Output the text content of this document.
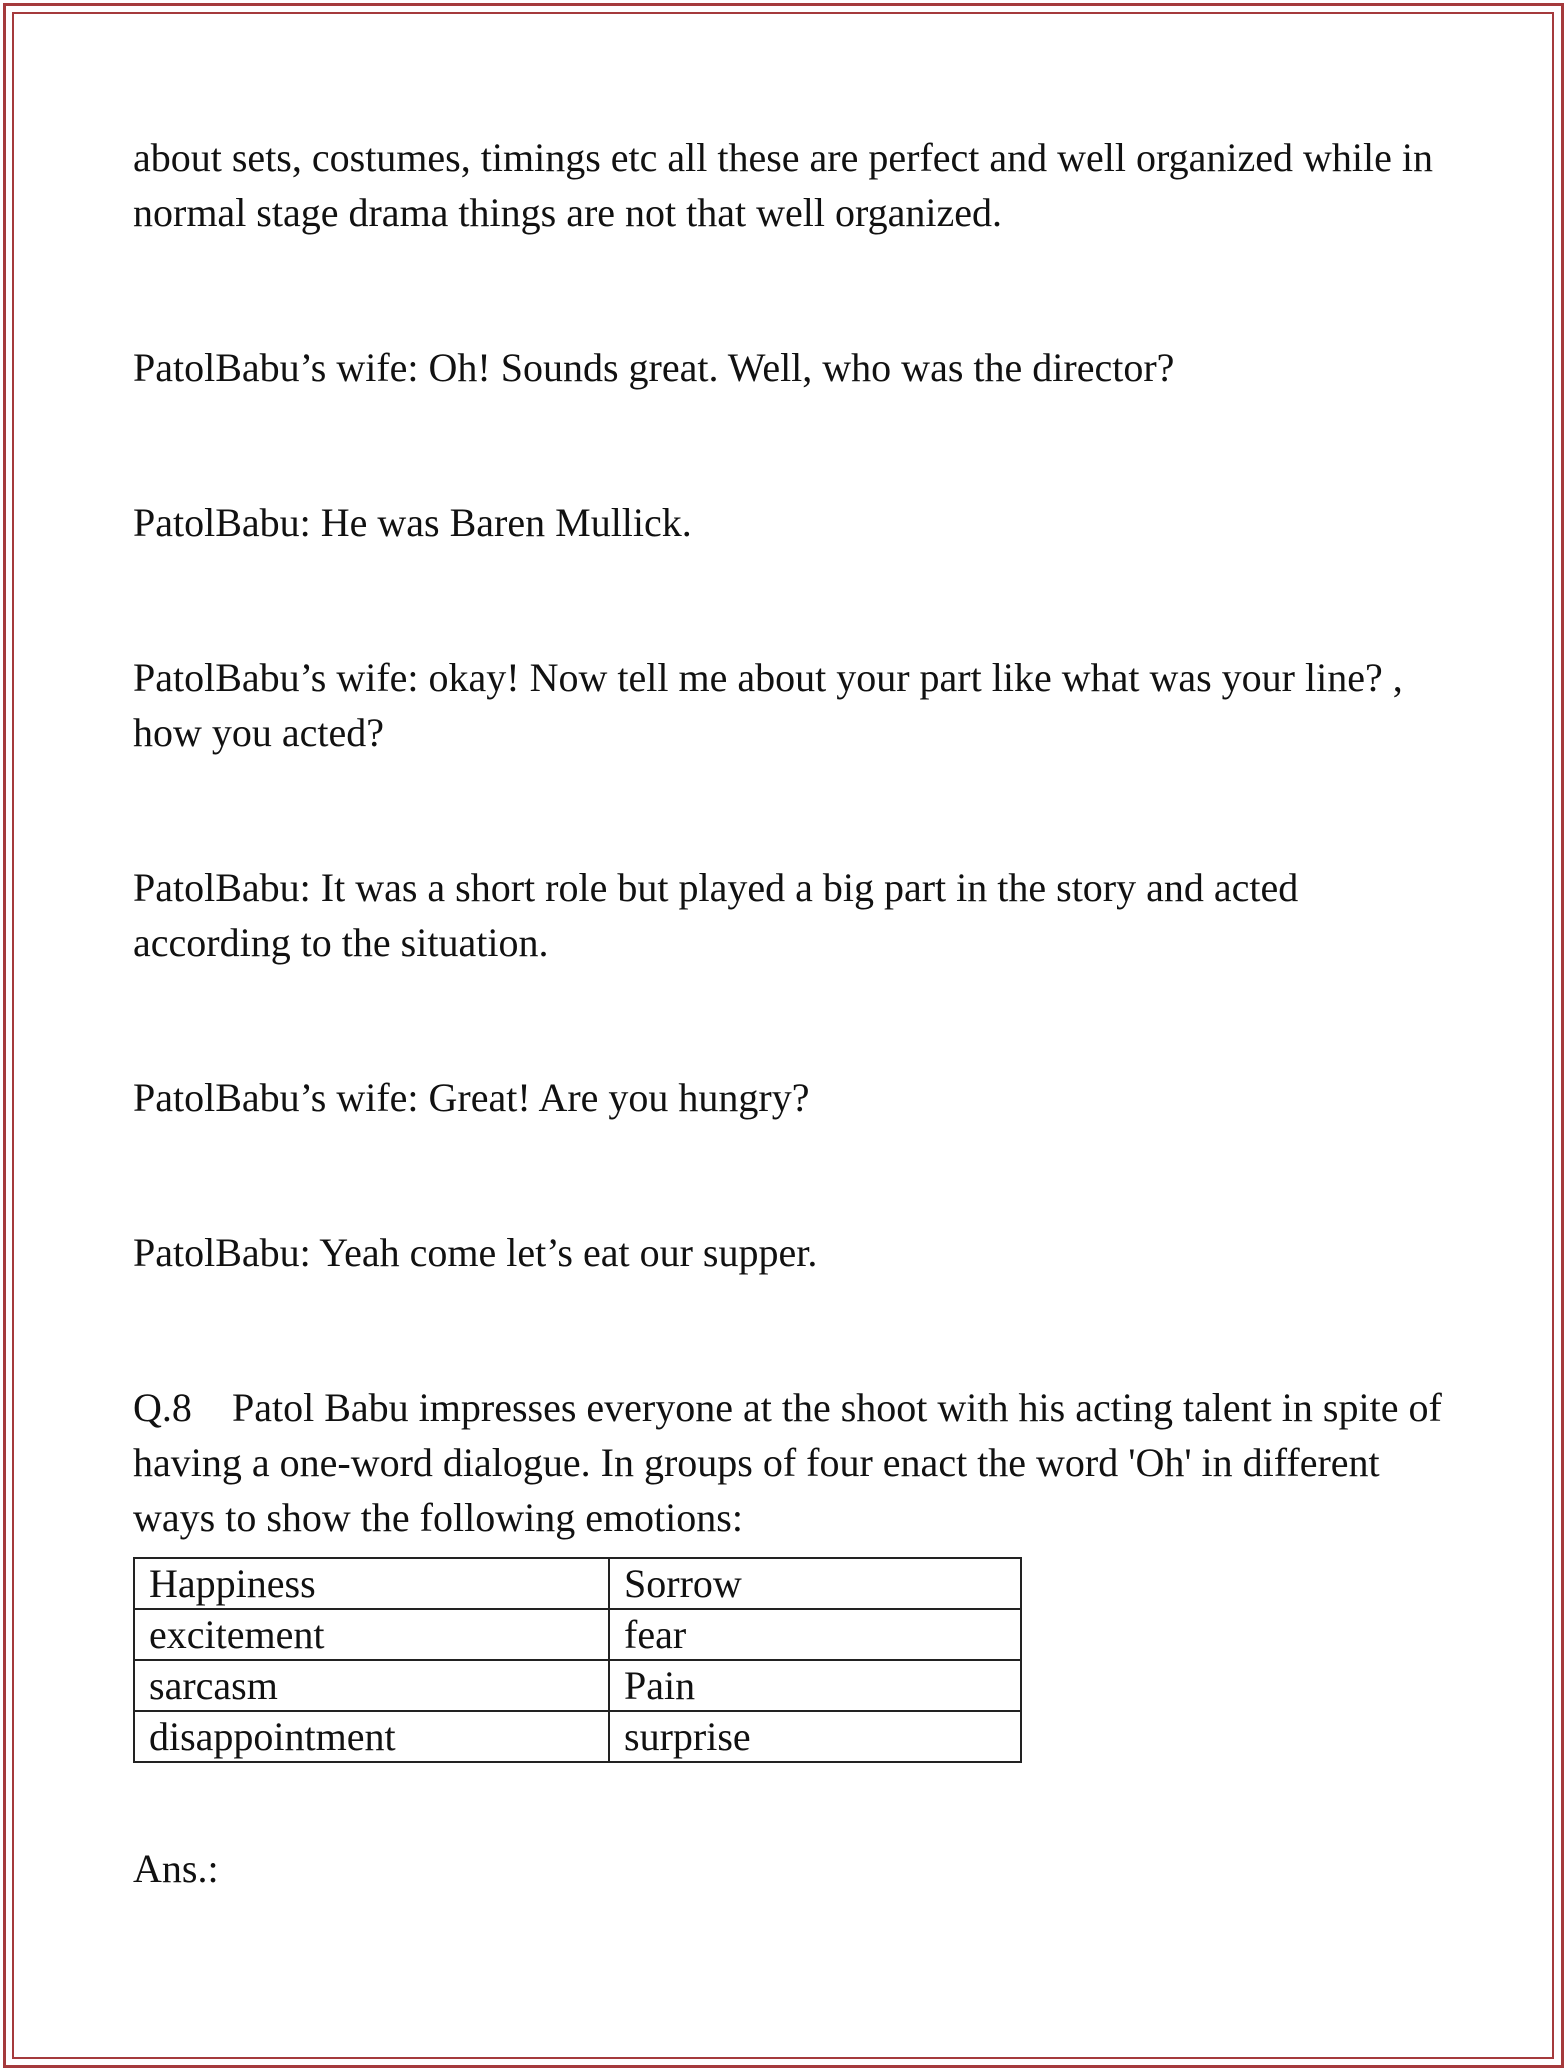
about sets, costumes, timings etc all these are perfect and well organized while in normal stage drama things are not that well organized.

PatolBabu’s wife: Oh! Sounds great. Well, who was the director?

PatolBabu: He was Baren Mullick.

PatolBabu’s wife: okay! Now tell me about your part like what was your line? , how you acted?

PatolBabu: It was a short role but played a big part in the story and acted according to the situation.

PatolBabu’s wife: Great! Are you hungry?

PatolBabu: Yeah come let’s eat our supper.

Q.8 Patol Babu impresses everyone at the shoot with his acting talent in spite of having a one-word dialogue. In groups of four enact the word 'Oh' in different ways to show the following emotions:

Happiness	Sorrow
excitement	fear
sarcasm	Pain
disappointment	surprise

Ans.:
